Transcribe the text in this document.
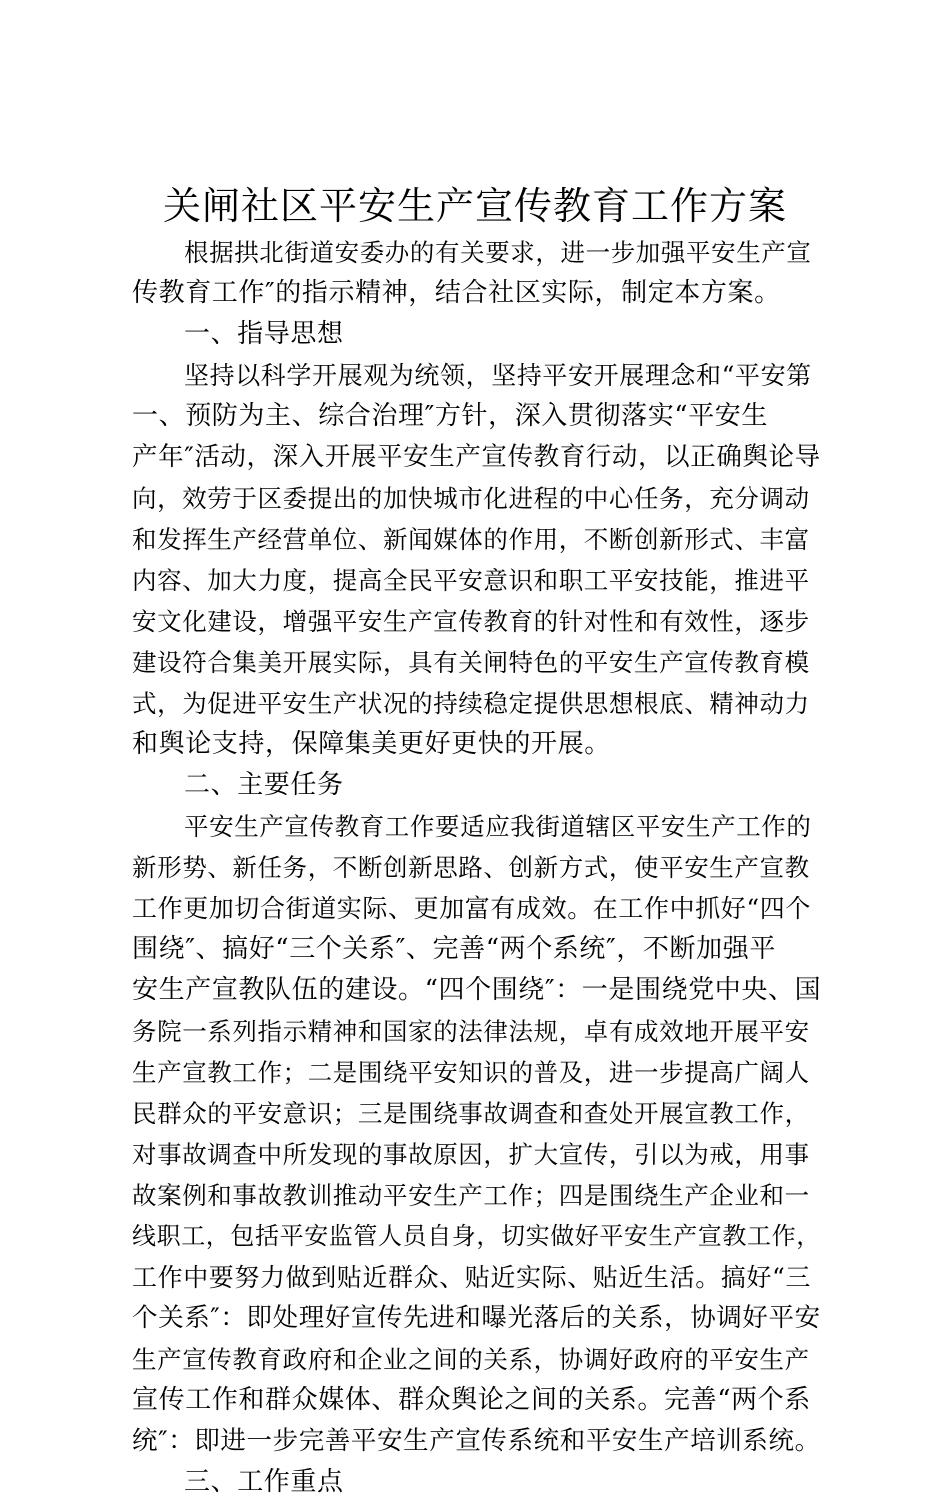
关闸社区平安生产宣传教育工作方案
根据拱北街道安委办的有关要求，进一步加强平安生产宣
传教育工作″的指示精神，结合社区实际，制定本方案。
一、指导思想
坚持以科学开展观为统领，坚持平安开展理念和“平安第
一、预防为主、综合治理″方针，深入贯彻落实“平安生
产年″活动，深入开展平安生产宣传教育行动，以正确舆论导
向，效劳于区委提出的加快城市化进程的中心任务，充分调动
和发挥生产经营单位、新闻媒体的作用，不断创新形式、丰富
内容、加大力度，提高全民平安意识和职工平安技能，推进平
安文化建设，增强平安生产宣传教育的针对性和有效性，逐步
建设符合集美开展实际，具有关闸特色的平安生产宣传教育模
式，为促进平安生产状况的持续稳定提供思想根底、精神动力
和舆论支持，保障集美更好更快的开展。
二、主要任务
平安生产宣传教育工作要适应我街道辖区平安生产工作的
新形势、新任务，不断创新思路、创新方式，使平安生产宣教
工作更加切合街道实际、更加富有成效。在工作中抓好“四个
围绕″、搞好“三个关系″、完善“两个系统″，不断加强平
安生产宣教队伍的建设。“四个围绕″：一是围绕党中央、国
务院一系列指示精神和国家的法律法规，卓有成效地开展平安
生产宣教工作；二是围绕平安知识的普及，进一步提高广阔人
民群众的平安意识；三是围绕事故调查和查处开展宣教工作，
对事故调查中所发现的事故原因，扩大宣传，引以为戒，用事
故案例和事故教训推动平安生产工作；四是围绕生产企业和一
线职工，包括平安监管人员自身，切实做好平安生产宣教工作，
工作中要努力做到贴近群众、贴近实际、贴近生活。搞好“三
个关系″：即处理好宣传先进和曝光落后的关系，协调好平安
生产宣传教育政府和企业之间的关系，协调好政府的平安生产
宣传工作和群众媒体、群众舆论之间的关系。完善“两个系
统″：即进一步完善平安生产宣传系统和平安生产培训系统。
三、工作重点
